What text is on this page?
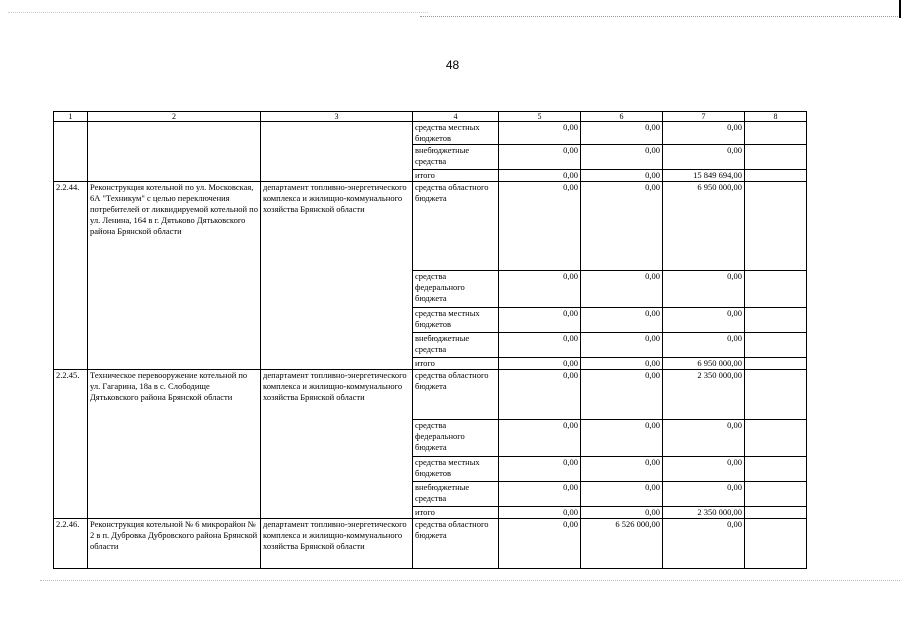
48
1	2	3	4	5	6	7	8
			средства местных бюджетов	0,00	0,00	0,00	
			внебюджетные средства	0,00	0,00	0,00	
			итого	0,00	0,00	15 849 694,00	
2.2.44.	Реконструкция котельной по ул. Московская, 6А "Техникум" с целью переключения потребителей от ликвидируемой котельной по ул. Ленина, 164 в г. Дятьково Дятьковского района Брянской области	департамент топливно-энергетического комплекса и жилищно-коммунального хозяйства Брянской области	средства областного бюджета	0,00	0,00	6 950 000,00	
			средства федерального бюджета	0,00	0,00	0,00	
			средства местных бюджетов	0,00	0,00	0,00	
			внебюджетные средства	0,00	0,00	0,00	
			итого	0,00	0,00	6 950 000,00	
2.2.45.	Техническое перевооружение котельной по ул. Гагарина, 18а в с. Слободище Дятьковского района Брянской области	департамент топливно-энергетического комплекса и жилищно-коммунального хозяйства Брянской области	средства областного бюджета	0,00	0,00	2 350 000,00	
			средства федерального бюджета	0,00	0,00	0,00	
			средства местных бюджетов	0,00	0,00	0,00	
			внебюджетные средства	0,00	0,00	0,00	
			итого	0,00	0,00	2 350 000,00	
2.2.46.	Реконструкция котельной № 6 микрорайон № 2 в п. Дубровка Дубровского района Брянской области	департамент топливно-энергетического комплекса и жилищно-коммунального хозяйства Брянской области	средства областного бюджета	0,00	6 526 000,00	0,00	
